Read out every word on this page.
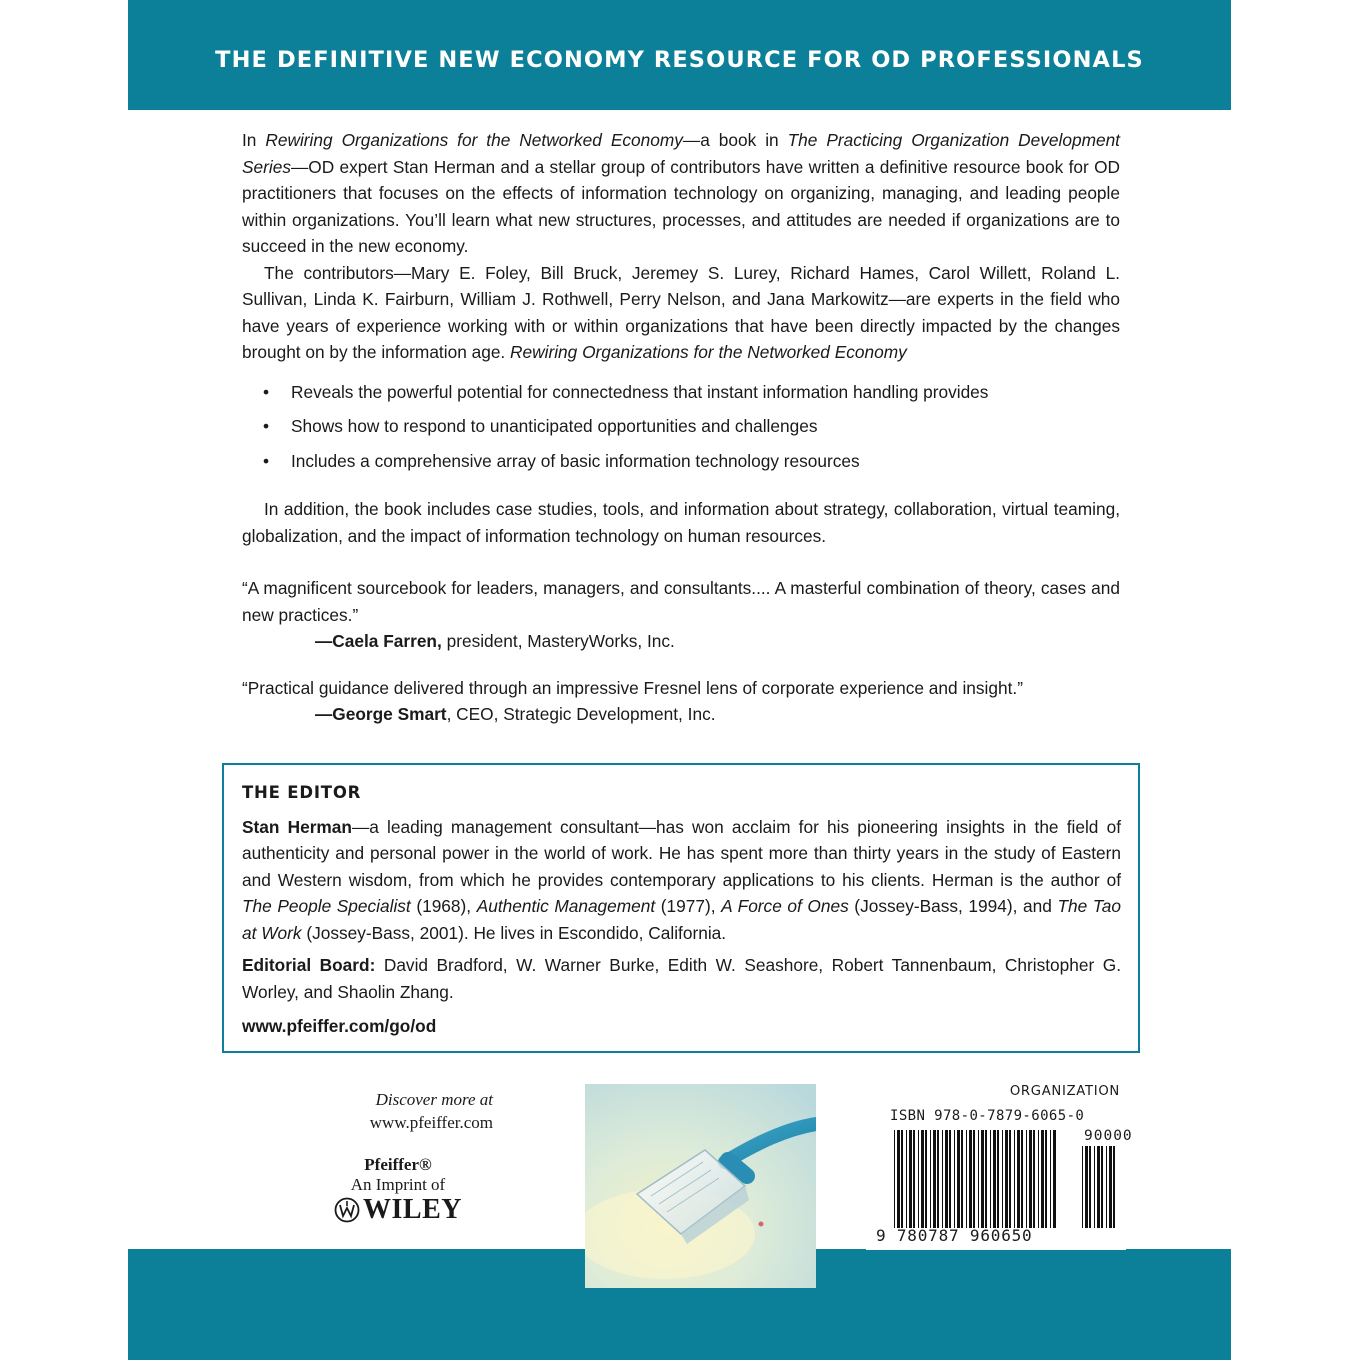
THE DEFINITIVE NEW ECONOMY RESOURCE FOR OD PROFESSIONALS

In Rewiring Organizations for the Networked Economy—a book in The Practicing Organization Development Series—OD expert Stan Herman and a stellar group of contributors have written a definitive resource book for OD practitioners that focuses on the effects of information technology on organizing, managing, and leading people within organizations. You’ll learn what new structures, processes, and attitudes are needed if organizations are to succeed in the new economy.

The contributors—Mary E. Foley, Bill Bruck, Jeremey S. Lurey, Richard Hames, Carol Willett, Roland L. Sullivan, Linda K. Fairburn, William J. Rothwell, Perry Nelson, and Jana Markowitz—are experts in the field who have years of experience working with or within organizations that have been directly impacted by the changes brought on by the information age. Rewiring Organizations for the Networked Economy

• Reveals the powerful potential for connectedness that instant information handling provides
• Shows how to respond to unanticipated opportunities and challenges
• Includes a comprehensive array of basic information technology resources

In addition, the book includes case studies, tools, and information about strategy, collaboration, virtual teaming, globalization, and the impact of information technology on human resources.

“A magnificent sourcebook for leaders, managers, and consultants.... A masterful combination of theory, cases and new practices.”

—Caela Farren, president, MasteryWorks, Inc.

“Practical guidance delivered through an impressive Fresnel lens of corporate experience and insight.”

—George Smart, CEO, Strategic Development, Inc.

THE EDITOR

Stan Herman—a leading management consultant—has won acclaim for his pioneering insights in the field of authenticity and personal power in the world of work. He has spent more than thirty years in the study of Eastern and Western wisdom, from which he provides contemporary applications to his clients. Herman is the author of The People Specialist (1968), Authentic Management (1977), A Force of Ones (Jossey-Bass, 1994), and The Tao at Work (Jossey-Bass, 2001). He lives in Escondido, California.

Editorial Board: David Bradford, W. Warner Burke, Edith W. Seashore, Robert Tannenbaum, Christopher G. Worley, and Shaolin Zhang.

www.pfeiffer.com/go/od

Discover more at
www.pfeiffer.com
Pfeiffer®
An Imprint of
WILEY
ORGANIZATION
ISBN 978-0-7879-6065-0
90000
9 780787 960650
